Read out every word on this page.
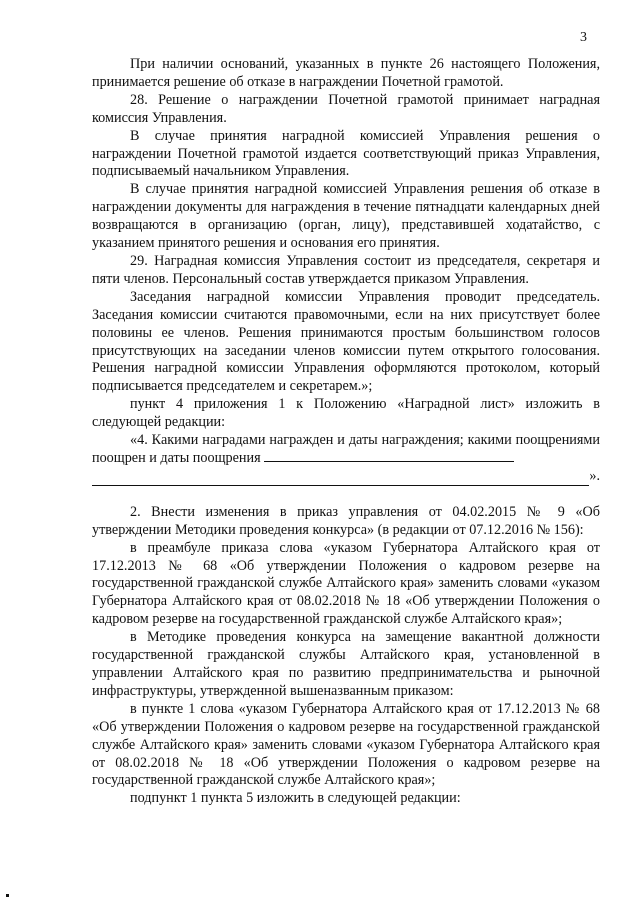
3

При наличии оснований, указанных в пункте 26 настоящего Положения, принимается решение об отказе в награждении Почетной грамотой.

28. Решение о награждении Почетной грамотой принимает наградная комиссия Управления.

В случае принятия наградной комиссией Управления решения о награждении Почетной грамотой издается соответствующий приказ Управления, подписываемый начальником Управления.

В случае принятия наградной комиссией Управления решения об отказе в награждении документы для награждения в течение пятнадцати календарных дней возвращаются в организацию (орган, лицу), представившей ходатайство, с указанием принятого решения и основания его принятия.

29. Наградная комиссия Управления состоит из председателя, секретаря и пяти членов. Персональный состав утверждается приказом Управления.

Заседания наградной комиссии Управления проводит председатель. Заседания комиссии считаются правомочными, если на них присутствует более половины ее членов. Решения принимаются простым большинством голосов присутствующих на заседании членов комиссии путем открытого голосования. Решения наградной комиссии Управления оформляются протоколом, который подписывается председателем и секретарем.»;

пункт 4 приложения 1 к Положению «Наградной лист» изложить в следующей редакции:

«4. Какими наградами награжден и даты награждения; какими поощрениями поощрен и даты поощрения

».

2. Внести изменения в приказ управления от 04.02.2015 № 9 «Об утверждении Методики проведения конкурса» (в редакции от 07.12.2016 № 156):

в преамбуле приказа слова «указом Губернатора Алтайского края от 17.12.2013 № 68 «Об утверждении Положения о кадровом резерве на государственной гражданской службе Алтайского края» заменить словами «указом Губернатора Алтайского края от 08.02.2018 № 18 «Об утверждении Положения о кадровом резерве на государственной гражданской службе Алтайского края»;

в Методике проведения конкурса на замещение вакантной должности государственной гражданской службы Алтайского края, установленной в управлении Алтайского края по развитию предпринимательства и рыночной инфраструктуры, утвержденной вышеназванным приказом:

в пункте 1 слова «указом Губернатора Алтайского края от 17.12.2013 № 68 «Об утверждении Положения о кадровом резерве на государственной гражданской службе Алтайского края» заменить словами «указом Губернатора Алтайского края от 08.02.2018 № 18 «Об утверждении Положения о кадровом резерве на государственной гражданской службе Алтайского края»;

подпункт 1 пункта 5 изложить в следующей редакции:
